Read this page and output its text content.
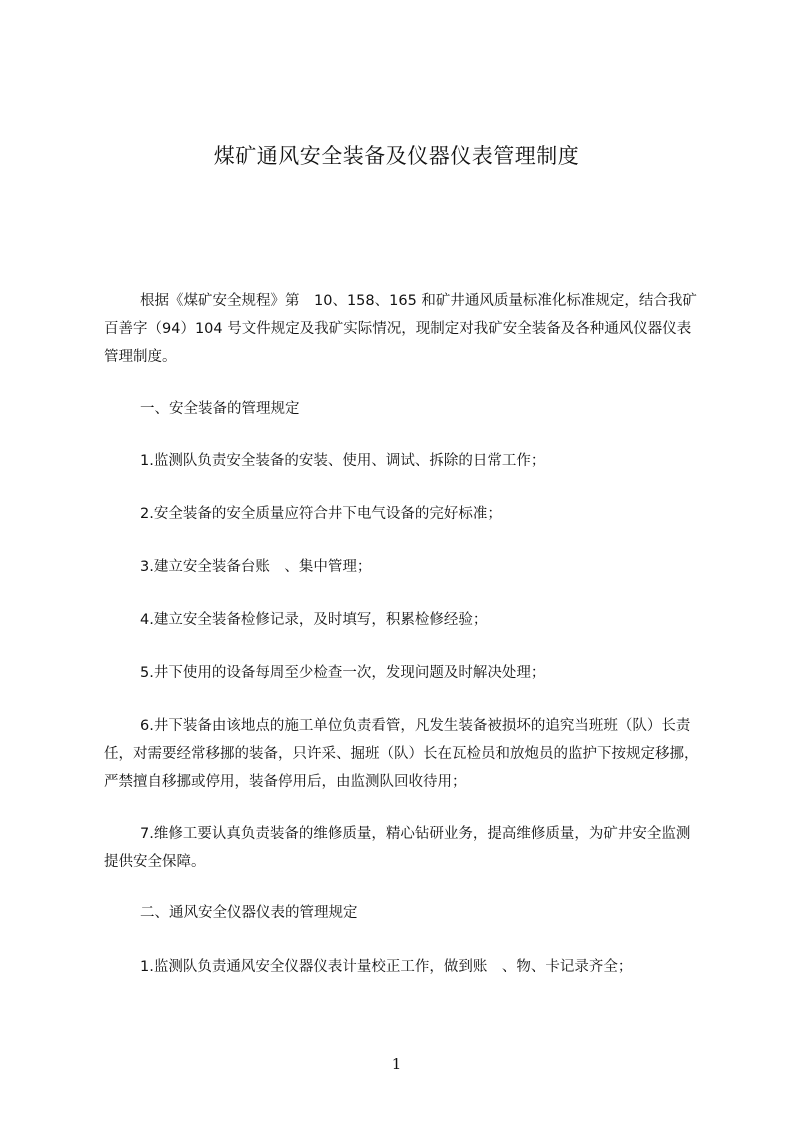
煤矿通风安全装备及仪器仪表管理制度
根据《煤矿安全规程》第　10、158、165 和矿井通风质量标准化标准规定，结合我矿百善字（94）104 号文件规定及我矿实际情况，现制定对我矿安全装备及各种通风仪器仪表管理制度。
一、安全装备的管理规定
1.监测队负责安全装备的安装、使用、调试、拆除的日常工作；
2.安全装备的安全质量应符合井下电气设备的完好标准；
3.建立安全装备台账　、集中管理；
4.建立安全装备检修记录，及时填写，积累检修经验；
5.井下使用的设备每周至少检查一次，发现问题及时解决处理；
6.井下装备由该地点的施工单位负责看管，凡发生装备被损坏的追究当班班（队）长责任，对需要经常移挪的装备，只许采、掘班（队）长在瓦检员和放炮员的监护下按规定移挪，严禁擅自移挪或停用，装备停用后，由监测队回收待用；
7.维修工要认真负责装备的维修质量，精心钻研业务，提高维修质量，为矿井安全监测提供安全保障。
二、通风安全仪器仪表的管理规定
1.监测队负责通风安全仪器仪表计量校正工作，做到账　、物、卡记录齐全；
1
